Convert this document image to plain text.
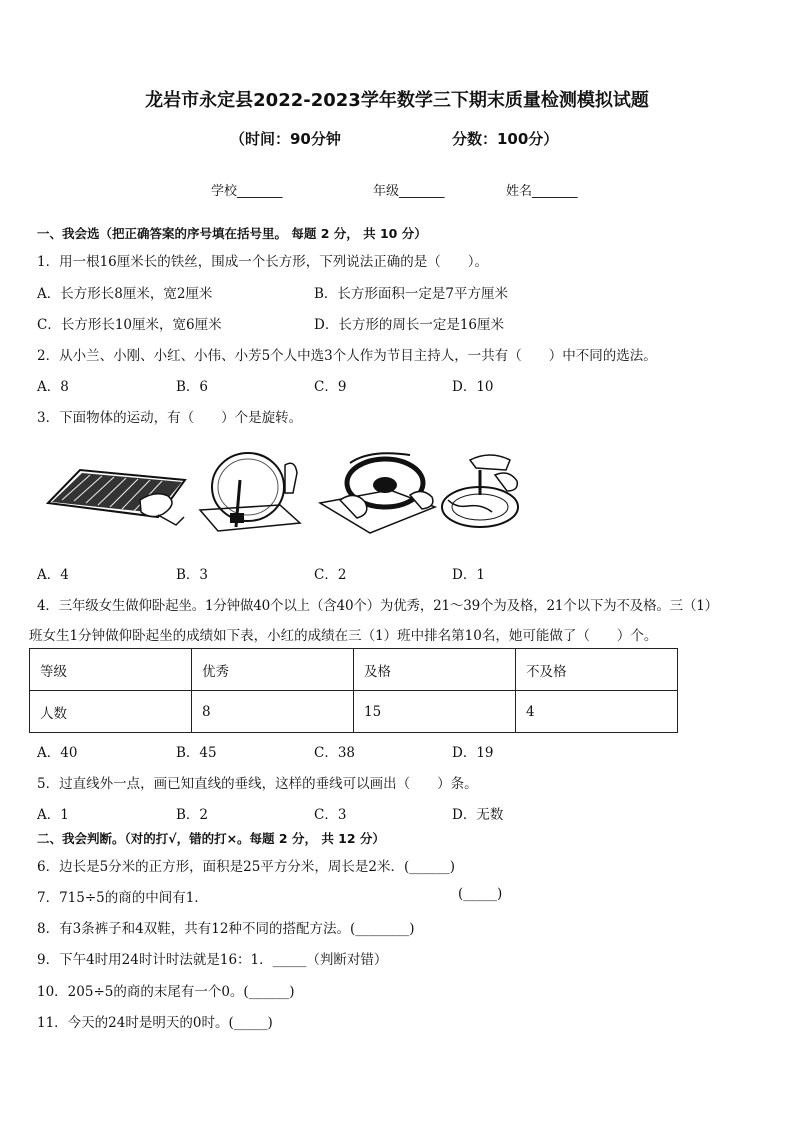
龙岩市永定县2022-2023学年数学三下期末质量检测模拟试题
（时间：90分钟	分数：100分）
学校_______	年级_______	姓名_______
一、我会选（把正确答案的序号填在括号里。 每题 2 分， 共 10 分）
1．用一根16厘米长的铁丝，围成一个长方形，下列说法正确的是（　　）。
A．长方形长8厘米，宽2厘米	B．长方形面积一定是7平方厘米
C．长方形长10厘米，宽6厘米	D．长方形的周长一定是16厘米
2．从小兰、小刚、小红、小伟、小芳5个人中选3个人作为节目主持人，一共有（　　）中不同的选法。
A．8	B．6	C．9	D．10
3．下面物体的运动，有（　　）个是旋转。
A．4	B．3	C．2	D．1
4．三年级女生做仰卧起坐。1分钟做40个以上（含40个）为优秀，21～39个为及格，21个以下为不及格。三（1）
班女生1分钟做仰卧起坐的成绩如下表，小红的成绩在三（1）班中排名第10名，她可能做了（　　）个。
等级	优秀	及格	不及格
人数	8	15	4
A．40	B．45	C．38	D．19
5．过直线外一点，画已知直线的垂线，这样的垂线可以画出（　　）条。
A．1	B．2	C．3	D．无数
二、我会判断。（对的打√，错的打×。每题 2 分， 共 12 分）
6．边长是5分米的正方形，面积是25平方分米，周长是2米．(______)
7．715÷5的商的中间有1．	(_____)
8．有3条裤子和4双鞋，共有12种不同的搭配方法。(________)
9．下午4时用24时计时法就是16：1．_____（判断对错）
10．205÷5的商的末尾有一个0。(______)
11．今天的24时是明天的0时。(_____)
